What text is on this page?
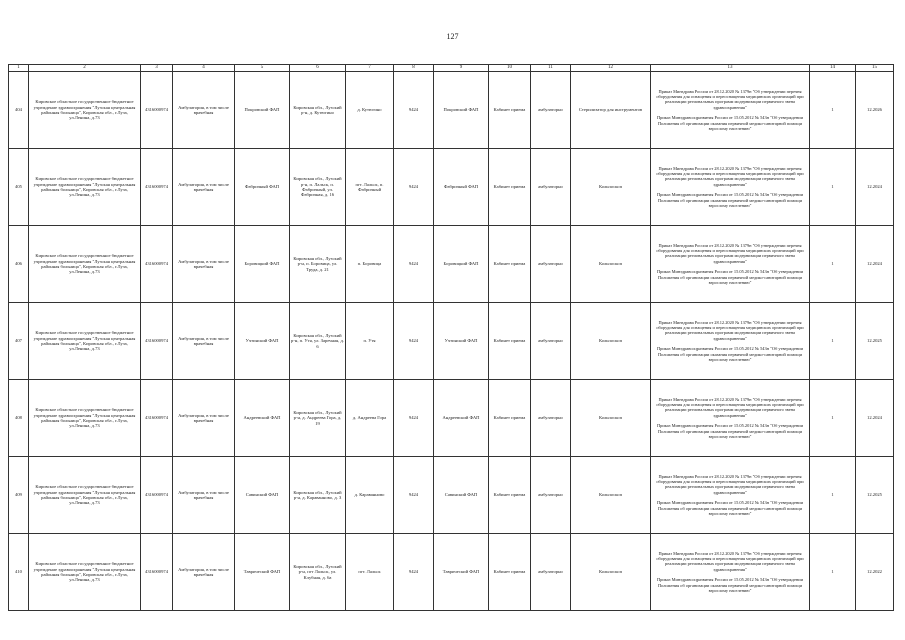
127
1	2	3	4	5	6	7	8	9	10	11	12	13	14	15
404	Кировское областное государственное бюджетное учреждение здравоохранения "Лузская центральная районная больница", Кировская обл., г.Луза, ул.Ленина, д.73	4316000974	Амбулатория, в том числе врачебная	Покровский ФАП	Кировская обл., Лузский р-н, д. Кутюгино	д. Кутюгино	9424	Покровский ФАП	Кабинет приема	амбулаторно	Стерилизатор для инструментов	Приказ Минздрава России от 28.12.2020 № 1379н "Об утверждении перечня оборудования для оснащения и переоснащения медицинских организаций при реализации региональных программ модернизации первичного звена здравоохранения"
Приказ Минздравсоцразвития России от 15.05.2012 № 543н "Об утверждении Положения об организации оказания первичной медико-санитарной помощи взрослому населению"	1	12.2026
405	Кировское областное государственное бюджетное учреждение здравоохранения "Лузская центральная районная больница", Кировская обл., г.Луза, ул.Ленина, д.73	4316000974	Амбулатория, в том числе врачебная	Фабричный ФАП	Кировская обл., Лузский р-н, п. Лальск, п. Фабричный, ул. Фабричная, д. 16	пгт. Лальск, п. Фабричный	9424	Фабричный ФАП	Кабинет приема	амбулаторно	Кольпоскоп	Приказ Минздрава России от 28.12.2020 № 1379н "Об утверждении перечня оборудования для оснащения и переоснащения медицинских организаций при реализации региональных программ модернизации первичного звена здравоохранения"
Приказ Минздравсоцразвития России от 15.05.2012 № 543н "Об утверждении Положения об организации оказания первичной медико-санитарной помощи взрослому населению"	1	12.2024
406	Кировское областное государственное бюджетное учреждение здравоохранения "Лузская центральная районная больница", Кировская обл., г.Луза, ул.Ленина, д.73	4316000974	Амбулатория, в том числе врачебная	Боровицкий ФАП	Кировская обл., Лузский р-н, п. Боровица, ул. Труда, д. 21	п. Боровица	9424	Боровицкий ФАП	Кабинет приема	амбулаторно	Кольпоскоп	Приказ Минздрава России от 28.12.2020 № 1379н "Об утверждении перечня оборудования для оснащения и переоснащения медицинских организаций при реализации региональных программ модернизации первичного звена здравоохранения"
Приказ Минздравсоцразвития России от 15.05.2012 № 543н "Об утверждении Положения об организации оказания первичной медико-санитарной помощи взрослому населению"	1	12.2024
407	Кировское областное государственное бюджетное учреждение здравоохранения "Лузская центральная районная больница", Кировская обл., г.Луза, ул.Ленина, д.73	4316000974	Амбулатория, в том числе врачебная	Учтинский ФАП	Кировская обл., Лузский р-н, п. Утя, ул. Заречная, д. 6	п. Утя	9424	Учтинский ФАП	Кабинет приема	амбулаторно	Кольпоскоп	Приказ Минздрава России от 28.12.2020 № 1379н "Об утверждении перечня оборудования для оснащения и переоснащения медицинских организаций при реализации региональных программ модернизации первичного звена здравоохранения"
Приказ Минздравсоцразвития России от 15.05.2012 № 543н "Об утверждении Положения об организации оказания первичной медико-санитарной помощи взрослому населению"	1	12.2025
408	Кировское областное государственное бюджетное учреждение здравоохранения "Лузская центральная районная больница", Кировская обл., г.Луза, ул.Ленина, д.73	4316000974	Амбулатория, в том числе врачебная	Андреевский ФАП	Кировская обл., Лузский р-н, д. Андреева Гора, д. 19	д. Андреева Гора	9424	Андреевский ФАП	Кабинет приема	амбулаторно	Кольпоскоп	Приказ Минздрава России от 28.12.2020 № 1379н "Об утверждении перечня оборудования для оснащения и переоснащения медицинских организаций при реализации региональных программ модернизации первичного звена здравоохранения"
Приказ Минздравсоцразвития России от 15.05.2012 № 543н "Об утверждении Положения об организации оказания первичной медико-санитарной помощи взрослому населению"	1	12.2024
409	Кировское областное государственное бюджетное учреждение здравоохранения "Лузская центральная районная больница", Кировская обл., г.Луза, ул.Ленина, д.73	4316000974	Амбулатория, в том числе врачебная	Савинский ФАП	Кировская обл., Лузский р-н, д. Караванново, д. 3	д. Караванново	9424	Савинский ФАП	Кабинет приема	амбулаторно	Кольпоскоп	Приказ Минздрава России от 28.12.2020 № 1379н "Об утверждении перечня оборудования для оснащения и переоснащения медицинских организаций при реализации региональных программ модернизации первичного звена здравоохранения"
Приказ Минздравсоцразвития России от 15.05.2012 № 543н "Об утверждении Положения об организации оказания первичной медико-санитарной помощи взрослому населению"	1	12.2025
410	Кировское областное государственное бюджетное учреждение здравоохранения "Лузская центральная районная больница", Кировская обл., г.Луза, ул.Ленина, д.73	4316000974	Амбулатория, в том числе врачебная	Таврический ФАП	Кировская обл., Лузский р-н, пгт Лальск, ул. Клубная, д. 6а	пгт. Лальск	9424	Таврический ФАП	Кабинет приема	амбулаторно	Кольпоскоп	Приказ Минздрава России от 28.12.2020 № 1379н "Об утверждении перечня оборудования для оснащения и переоснащения медицинских организаций при реализации региональных программ модернизации первичного звена здравоохранения"
Приказ Минздравсоцразвития России от 15.05.2012 № 543н "Об утверждении Положения об организации оказания первичной медико-санитарной помощи взрослому населению"	1	12.2022
